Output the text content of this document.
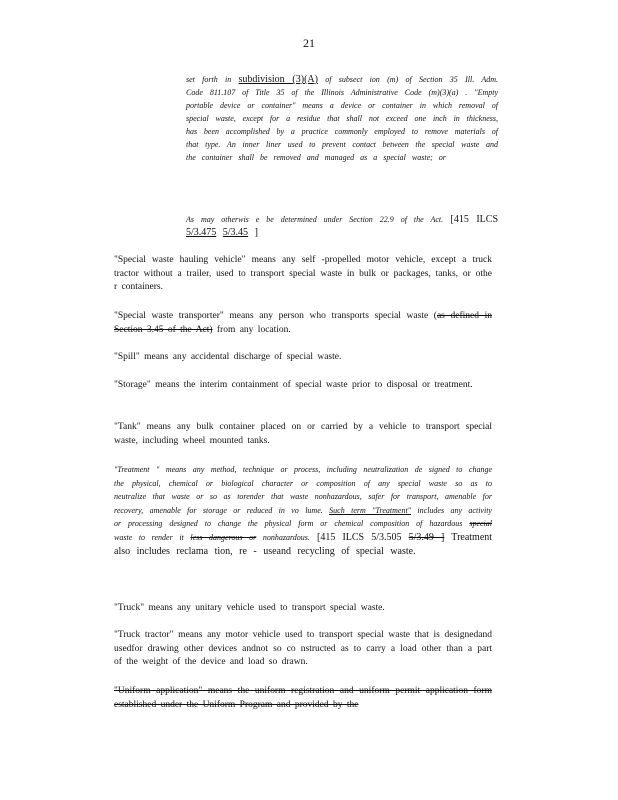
21
set forth in subdivision (3)(A) of subsect ion (m) of Section 35 Ill. Adm. Code 811.107 of Title 35 of the Illinois Administrative Code (m)(3)(a) . "Empty portable device or container" means a device or container in which removal of special waste, except for a residue that shall not exceed one inch in thickness, has been accomplished by a practice commonly employed to remove materials of that type. An inner liner used to prevent contact between the special waste and the container shall be removed and managed as a special waste; or
As may otherwis e be determined under Section 22.9 of the Act. [415 ILCS 5/3.475 5/3.45 ]
"Special waste hauling vehicle" means any self -propelled motor vehicle, except a truck tractor without a trailer, used to transport special waste in bulk or packages, tanks, or othe r containers.
"Special waste transporter" means any person who transports special waste (as defined in Section 3.45 of the Act) from any location.
"Spill" means any accidental discharge of special waste.
"Storage" means the interim containment of special waste prior to disposal or treatment.
"Tank" means any bulk container placed on or carried by a vehicle to transport special waste, including wheel mounted tanks.
"Treatment " means any method, technique or process, including neutralization de signed to change the physical, chemical or biological character or composition of any special waste so as to neutralize that waste or so as torender that waste nonhazardous, safer for transport, amenable for recovery, amenable for storage or reduced in vo lume. Such term "Treatment" includes any activity or processing designed to change the physical form or chemical composition of hazardous special waste to render it less dangerous or nonhazardous. [415 ILCS 5/3.505 5/3.49 ] Treatment also includes reclama tion, re - useand recycling of special waste.
"Truck" means any unitary vehicle used to transport special waste.
"Truck tractor" means any motor vehicle used to transport special waste that is designedand usedfor drawing other devices andnot so co nstructed as to carry a load other than a part of the weight of the device and load so drawn.
"Uniform application" means the uniform registration and uniform permit application form established under the Uniform Program and provided by the
